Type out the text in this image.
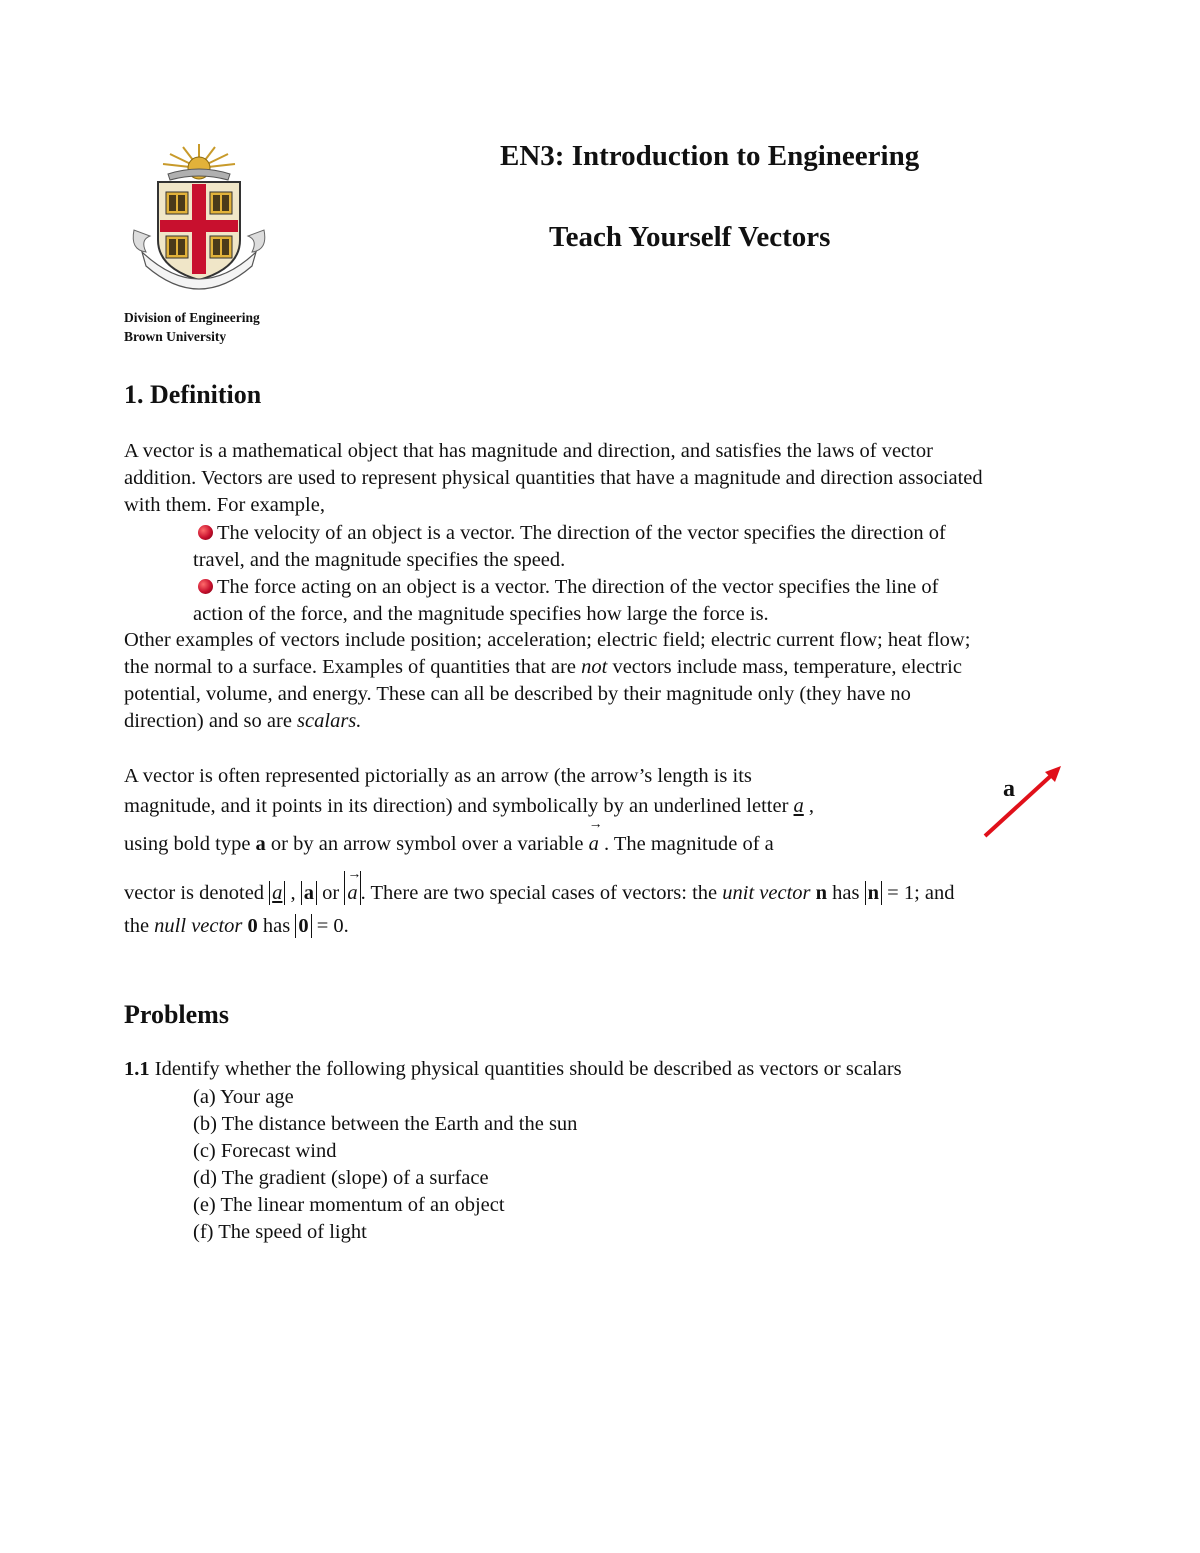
Division of Engineering
Brown University
EN3: Introduction to Engineering
Teach Yourself Vectors
1. Definition
A vector is a mathematical object that has magnitude and direction, and satisfies the laws of vector
addition. Vectors are used to represent physical quantities that have a magnitude and direction associated
with them. For example,
The velocity of an object is a vector. The direction of the vector specifies the direction of
travel, and the magnitude specifies the speed.
The force acting on an object is a vector. The direction of the vector specifies the line of
action of the force, and the magnitude specifies how large the force is.
Other examples of vectors include position; acceleration; electric field; electric current flow; heat flow;
the normal to a surface. Examples of quantities that are not vectors include mass, temperature, electric
potential, volume, and energy. These can all be described by their magnitude only (they have no
direction) and so are scalars.
a
A vector is often represented pictorially as an arrow (the arrow’s length is its
magnitude, and it points in its direction) and symbolically by an underlined letter a ,
using bold type a or by an arrow symbol over a variable
→
a . The magnitude of a
vector is denoted a , a or
→
a . There are two special cases of vectors: the unit vector n has n = 1; and
the null vector 0 has 0 = 0.
Problems
1.1 Identify whether the following physical quantities should be described as vectors or scalars
(a) Your age
(b) The distance between the Earth and the sun
(c) Forecast wind
(d) The gradient (slope) of a surface
(e) The linear momentum of an object
(f) The speed of light
